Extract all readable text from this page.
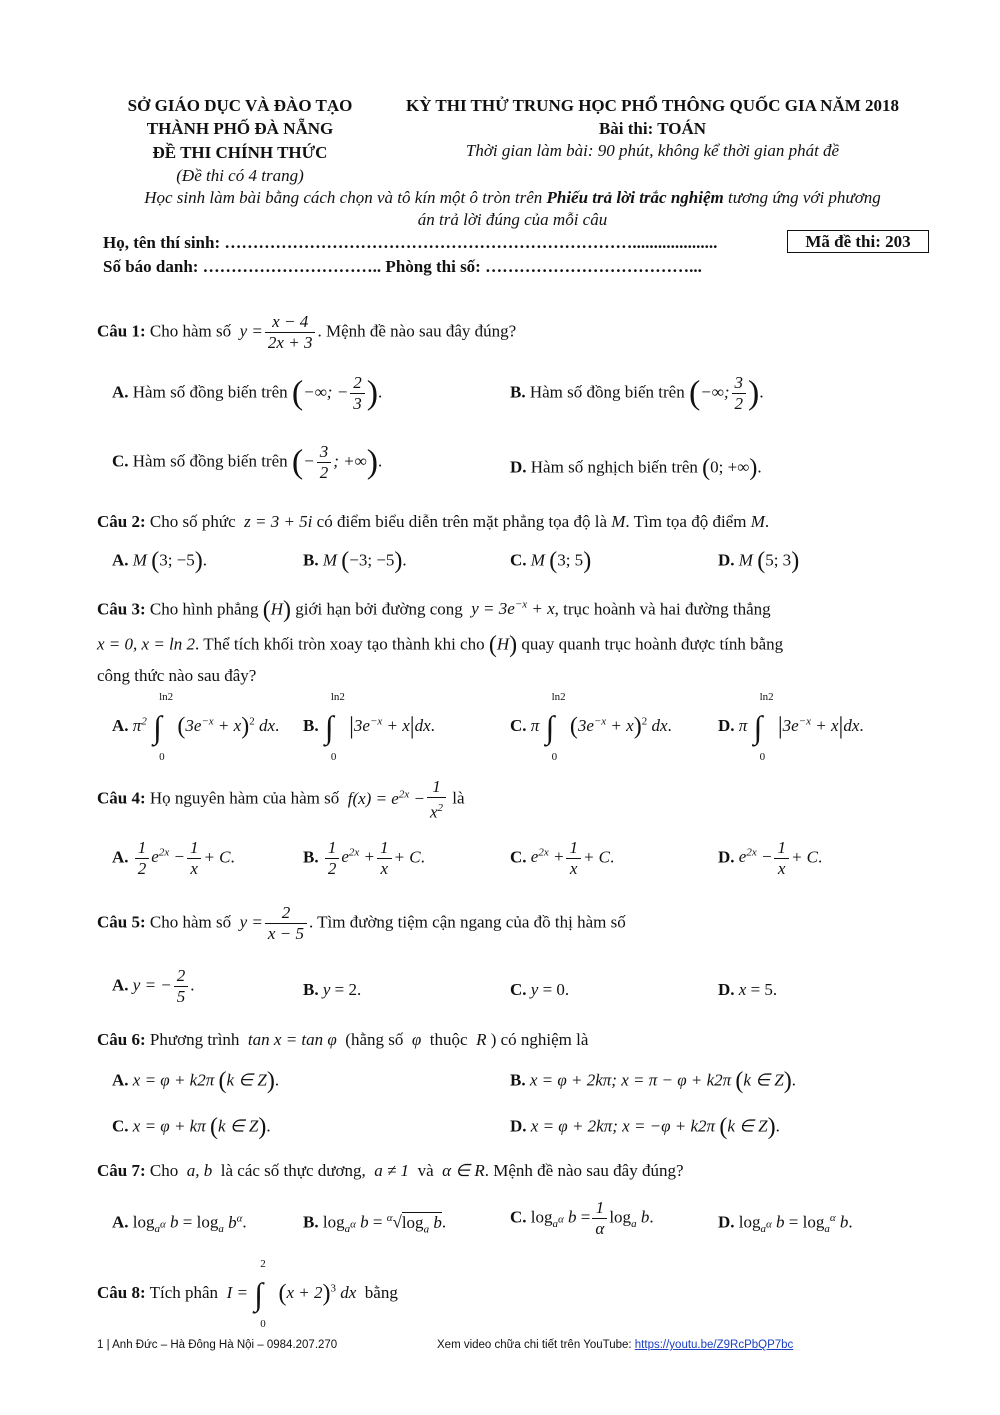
SỞ GIÁO DỤC VÀ ĐÀO TẠO
THÀNH PHỐ ĐÀ NẴNG
ĐỀ THI CHÍNH THỨC
(Đề thi có 4 trang)
KỲ THI THỬ TRUNG HỌC PHỔ THÔNG QUỐC GIA NĂM 2018
Bài thi: TOÁN
Thời gian làm bài: 90 phút, không kể thời gian phát đề
Học sinh làm bài bằng cách chọn và tô kín một ô tròn trên Phiếu trả lời trắc nghiệm tương ứng với phương
án trả lời đúng của mỗi câu
Họ, tên thí sinh: ………………………………………………………………....................	Mã đề thi: 203
Số báo danh: ………………………….. Phòng thi số: ………………………………...
Câu 1: Cho hàm số  $y = \frac{x - 4}{2x + 3}$ . Mệnh đề nào sau đây đúng?
A. Hàm số đồng biến trên (−∞; − $\frac{2}{3}$ ).	B. Hàm số đồng biến trên (−∞; $\frac{3}{2}$ ).
C. Hàm số đồng biến trên (− $\frac{3}{2}$ ; +∞).	D. Hàm số nghịch biến trên (0; +∞).
Câu 2: Cho số phức  z = 3 + 5i có điểm biểu diễn trên mặt phẳng tọa độ là M. Tìm tọa độ điểm M.
A. M (3; −5).	B. M (−3; −5).	C. M (3; 5)	D. M (5; 3)
Câu 3: Cho hình phẳng (H) giới hạn bởi đường cong  $y = 3e^{-x} + x$, trục hoành và hai đường thẳng
x = 0, x = ln 2. Thể tích khối tròn xoay tạo thành khi cho (H) quay quanh trục hoành được tính bằng
công thức nào sau đây?
A. $\pi^2$ ∫
ln2
0
$(3e^{-x} + x)^2$ dx. B. ∫
ln2
0
$|3e^{-x} + x|dx$.	C. π ∫
ln2
0
$(3e^{-x} + x)^2$ dx.	D. π ∫
ln2
0
$|3e^{-x} + x|dx$.
Câu 4: Họ nguyên hàm của hàm số  $f(x) = e^{2x} - \frac{1}{x^2}$ là
A. $\frac{1}{2} e^{2x} - \frac{1}{x} + C$.	B. $\frac{1}{2} e^{2x} + \frac{1}{x} + C$.	C. $e^{2x} + \frac{1}{x} + C$.	D. $e^{2x} - \frac{1}{x} + C$.
Câu 5: Cho hàm số  $y = \frac{2}{x - 5}$ . Tìm đường tiệm cận ngang của đồ thị hàm số
A. y = − $\frac{2}{5}$ .	B. y = 2.	C. y = 0.	D. x = 5.
Câu 6: Phương trình  tan x = tan φ  (hằng số  φ  thuộc  R ) có nghiệm là
A. x = φ + k2π (k ∈ Z).	B. x = φ + 2kπ; x = π − φ + k2π (k ∈ Z).
C. x = φ + kπ (k ∈ Z).	D. x = φ + 2kπ; x = −φ + k2π (k ∈ Z).
Câu 7: Cho  a, b  là các số thực dương,  a ≠ 1  và  α ∈ R. Mệnh đề nào sau đây đúng?
A. $\log_{a^\alpha} b = \log_a b^\alpha$.	B. $\log_{a^\alpha} b = ^\alpha√\log_a$ b.	C. $\log_{a^\alpha} b = \frac{1}{\alpha} \log_a b$.	D. $\log_{a^\alpha} b = \log_a^\alpha b$.
Câu 8: Tích phân  I = ∫
2
0
$(x + 2)^3$ dx bằng
1 | Anh Đức – Hà Đông Hà Nội – 0984.207.270	Xem video chữa chi tiết trên YouTube: https://youtu.be/Z9RcPbQP7bc
